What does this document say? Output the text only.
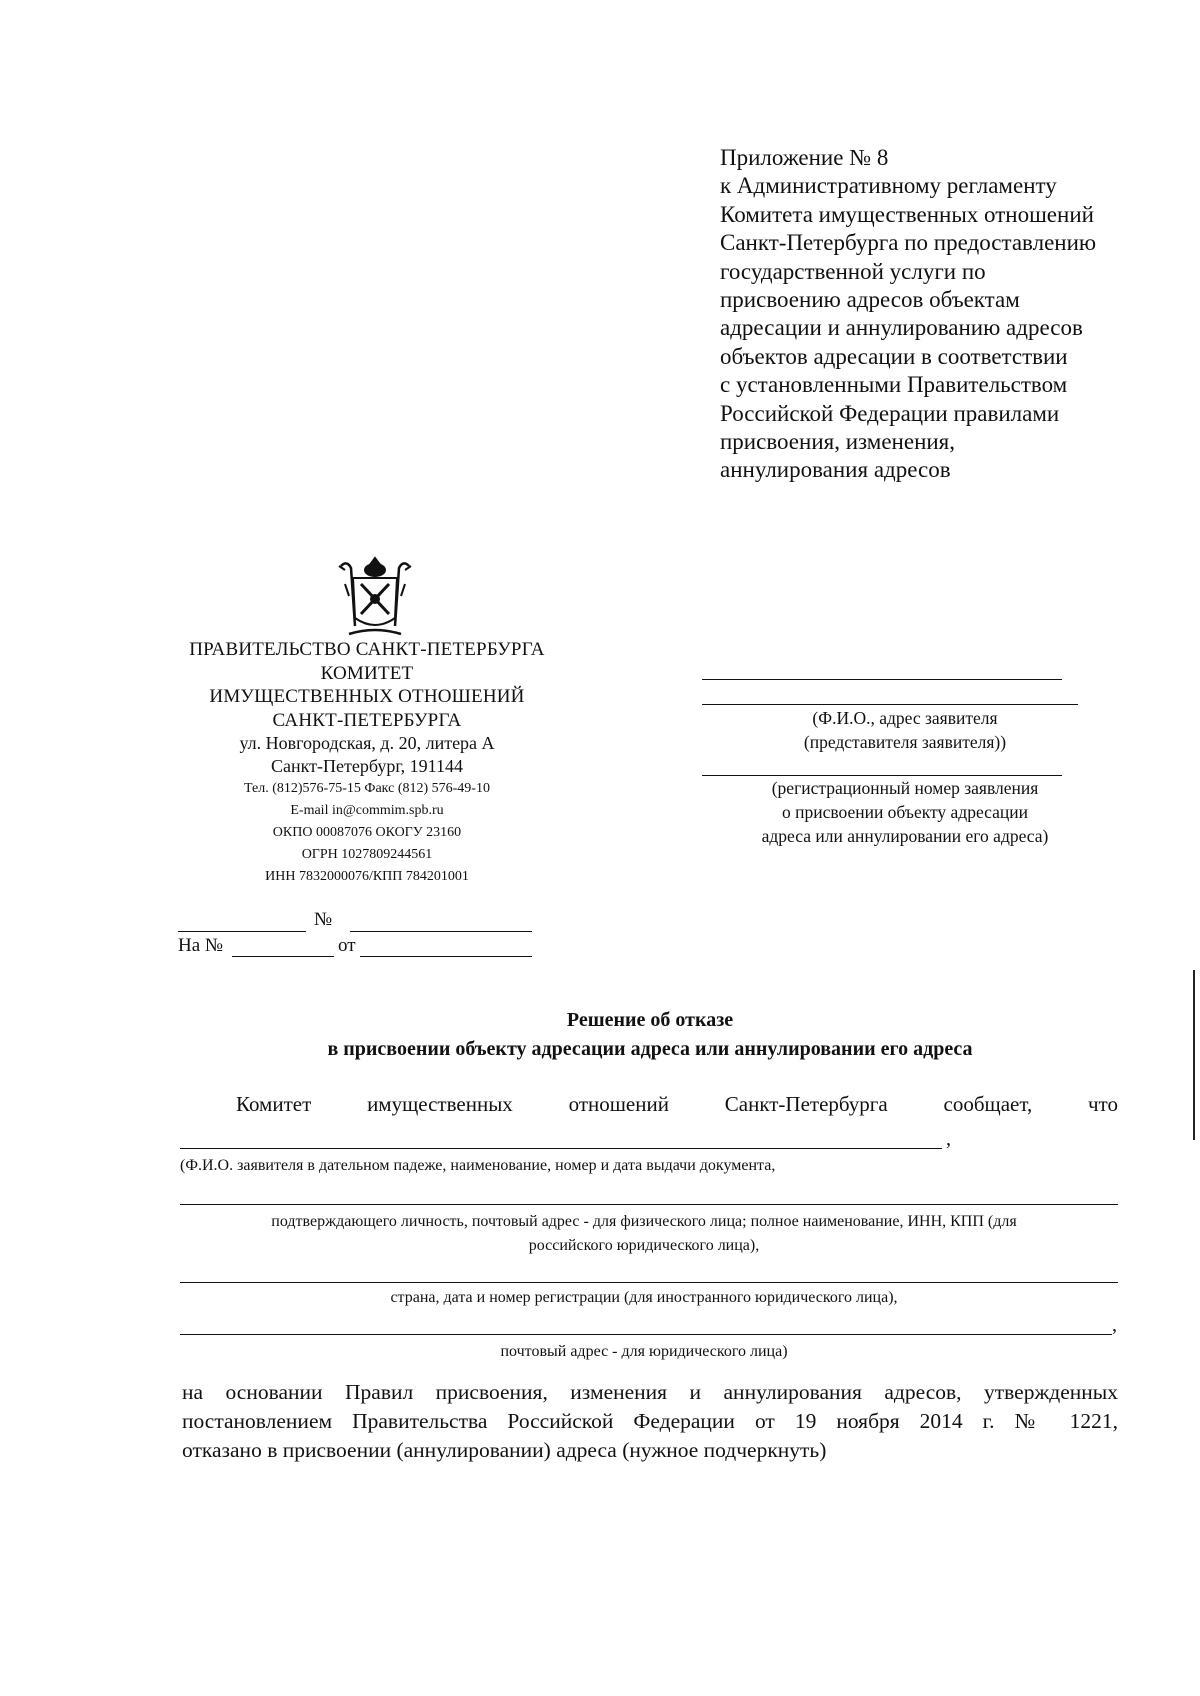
Приложение № 8
к Административному регламенту
Комитета имущественных отношений
Санкт-Петербурга по предоставлению
государственной услуги по
присвоению адресов объектам
адресации и аннулированию адресов
объектов адресации в соответствии
с установленными Правительством
Российской Федерации правилами
присвоения, изменения,
аннулирования адресов
ПРАВИТЕЛЬСТВО САНКТ-ПЕТЕРБУРГА
КОМИТЕТ
ИМУЩЕСТВЕННЫХ ОТНОШЕНИЙ
САНКТ-ПЕТЕРБУРГА
ул. Новгородская, д. 20, литера А
Санкт-Петербург, 191144
Тел. (812)576-75-15 Факс (812) 576-49-10
E-mail in@commim.spb.ru
ОКПО 00087076 ОКОГУ 23160
ОГРН 1027809244561
ИНН 7832000076/КПП 784201001
(Ф.И.О., адрес заявителя
(представителя заявителя))
(регистрационный номер заявления
о присвоении объекту адресации
адреса или аннулировании его адреса)
№
На №	от
Решение об отказе
в присвоении объекту адресации адреса или аннулировании его адреса
Комитет	имущественных	отношений	Санкт-Петербурга	сообщает,	что
,
(Ф.И.О. заявителя в дательном падеже, наименование, номер и дата выдачи документа,
подтверждающего личность, почтовый адрес - для физического лица; полное наименование, ИНН, КПП (для
российского юридического лица),
страна, дата и номер регистрации (для иностранного юридического лица),
,
почтовый адрес - для юридического лица)
на основании Правил присвоения, изменения и аннулирования адресов, утвержденных
постановлением Правительства Российской Федерации от 19 ноября 2014 г. № 1221,
отказано в присвоении (аннулировании) адреса (нужное подчеркнуть)
